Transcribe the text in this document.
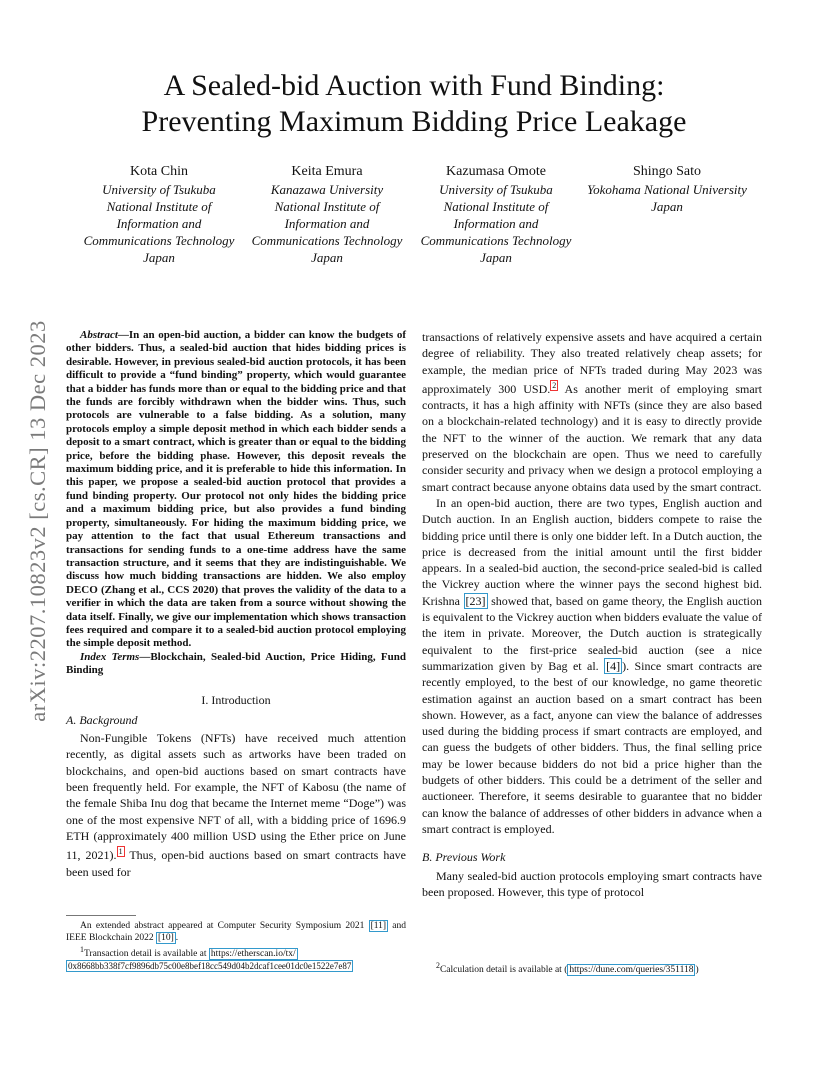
arXiv:2207.10823v2 [cs.CR] 13 Dec 2023
A Sealed-bid Auction with Fund Binding:
Preventing Maximum Bidding Price Leakage
Kota Chin
University of Tsukuba
National Institute of
Information and
Communications Technology
Japan
Keita Emura
Kanazawa University
National Institute of
Information and
Communications Technology
Japan
Kazumasa Omote
University of Tsukuba
National Institute of
Information and
Communications Technology
Japan
Shingo Sato
Yokohama National University
Japan

Abstract—In an open-bid auction, a bidder can know the budgets of other bidders. Thus, a sealed-bid auction that hides bidding prices is desirable. However, in previous sealed-bid auction protocols, it has been difficult to provide a “fund binding” property, which would guarantee that a bidder has funds more than or equal to the bidding price and that the funds are forcibly withdrawn when the bidder wins. Thus, such protocols are vulnerable to a false bidding. As a solution, many protocols employ a simple deposit method in which each bidder sends a deposit to a smart contract, which is greater than or equal to the bidding price, before the bidding phase. However, this deposit reveals the maximum bidding price, and it is preferable to hide this information. In this paper, we propose a sealed-bid auction protocol that provides a fund binding property. Our protocol not only hides the bidding price and a maximum bidding price, but also provides a fund binding property, simultaneously. For hiding the maximum bidding price, we pay attention to the fact that usual Ethereum transactions and transactions for sending funds to a one-time address have the same transaction structure, and it seems that they are indistinguishable. We discuss how much bidding transactions are hidden. We also employ DECO (Zhang et al., CCS 2020) that proves the validity of the data to a verifier in which the data are taken from a source without showing the data itself. Finally, we give our implementation which shows transaction fees required and compare it to a sealed-bid auction protocol employing the simple deposit method.

Index Terms—Blockchain, Sealed-bid Auction, Price Hiding, Fund Binding

I. Introduction
A. Background

Non-Fungible Tokens (NFTs) have received much attention recently, as digital assets such as artworks have been traded on blockchains, and open-bid auctions based on smart contracts have been frequently held. For example, the NFT of Kabosu (the name of the female Shiba Inu dog that became the Internet meme “Doge”) was one of the most expensive NFT of all, with a bidding price of 1696.9 ETH (approximately 400 million USD using the Ether price on June 11, 2021). $^1$ Thus, open-bid auctions based on smart contracts have been used for

transactions of relatively expensive assets and have acquired a certain degree of reliability. They also treated relatively cheap assets; for example, the median price of NFTs traded during May 2023 was approximately 300 USD. $^2$ As another merit of employing smart contracts, it has a high affinity with NFTs (since they are also based on a blockchain-related technology) and it is easy to directly provide the NFT to the winner of the auction. We remark that any data preserved on the blockchain are open. Thus we need to carefully consider security and privacy when we design a protocol employing a smart contract because anyone obtains data used by the smart contract.

In an open-bid auction, there are two types, English auction and Dutch auction. In an English auction, bidders compete to raise the bidding price until there is only one bidder left. In a Dutch auction, the price is decreased from the initial amount until the first bidder appears. In a sealed-bid auction, the second-price sealed-bid is called the Vickrey auction where the winner pays the second highest bid. Krishna [23] showed that, based on game theory, the English auction is equivalent to the Vickrey auction when bidders evaluate the value of the item in private. Moreover, the Dutch auction is strategically equivalent to the first-price sealed-bid auction (see a nice summarization given by Bag et al. [4] ). Since smart contracts are recently employed, to the best of our knowledge, no game theoretic estimation against an auction based on a smart contract has been shown. However, as a fact, anyone can view the balance of addresses used during the bidding process if smart contracts are employed, and can guess the budgets of other bidders. Thus, the final selling price may be lower because bidders do not bid a price higher than the budgets of other bidders. This could be a detriment of the seller and auctioneer. Therefore, it seems desirable to guarantee that no bidder can know the balance of addresses of other bidders in advance when a smart contract is employed.

B. Previous Work

Many sealed-bid auction protocols employing smart contracts have been proposed. However, this type of protocol

An extended abstract appeared at Computer Security Symposium 2021 [11] and IEEE Blockchain 2022 [10] .
$^1$Transaction detail is available at https://etherscan.io/tx/
0x8668bb338f7cf9896db75c00e8bef18cc549d04b2dcaf1cee01dc0e1522e7e87	$^2$Calculation detail is available at ( https://dune.com/queries/351118 )
